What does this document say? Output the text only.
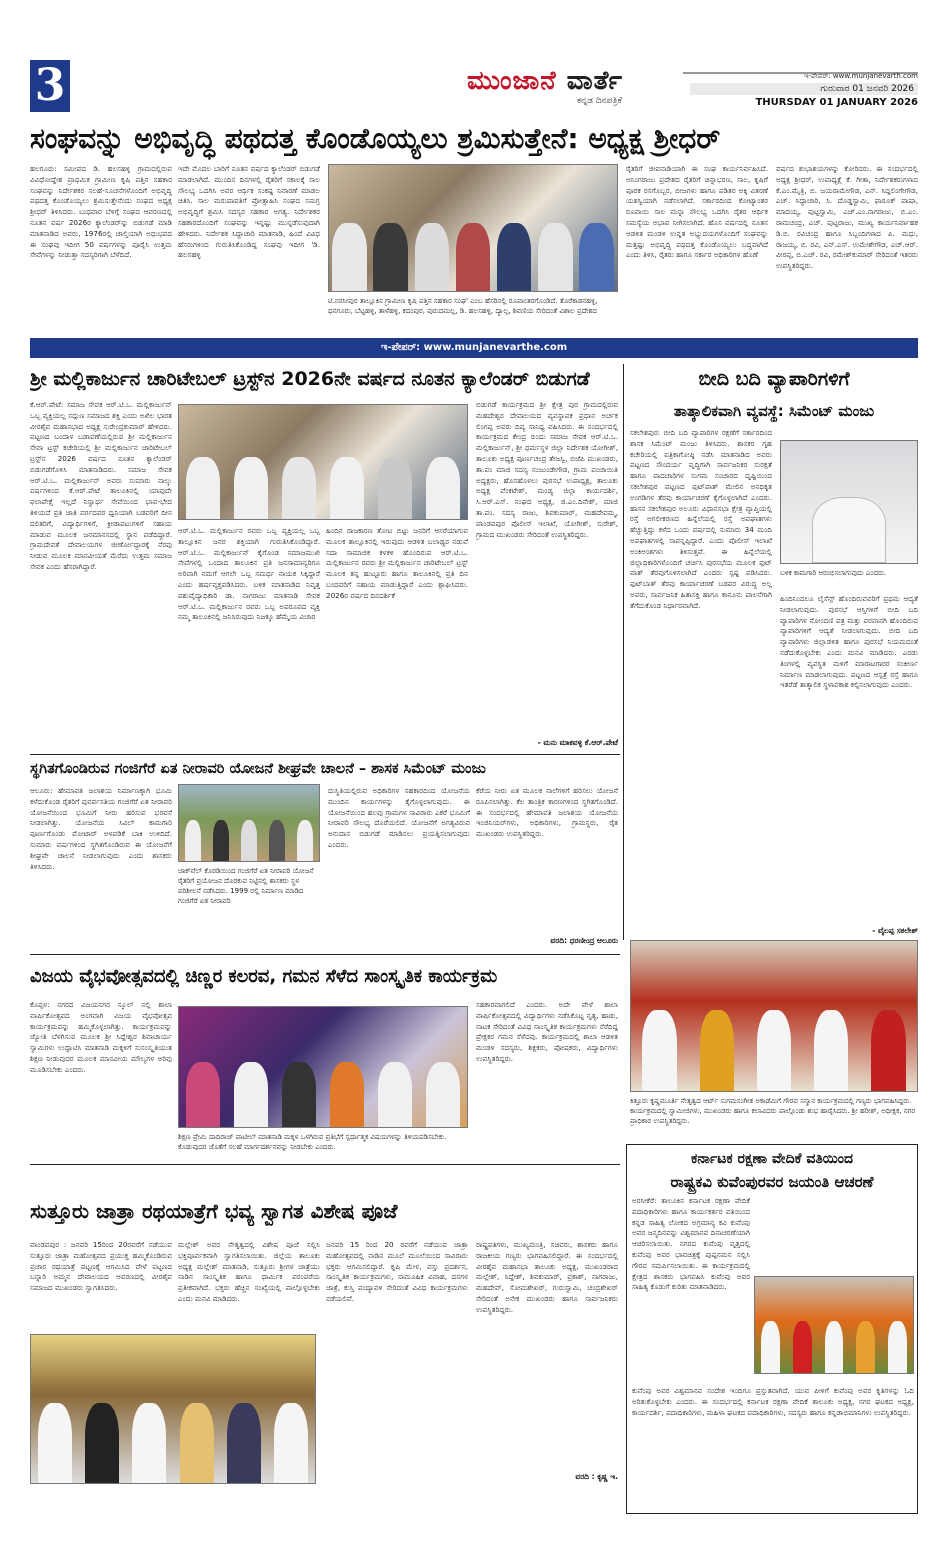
3	ಮುಂಜಾನೆ ವಾರ್ತೆ
ಕನ್ನಡ ದಿನಪತ್ರಿಕೆ
ಇ-ಪೇಪರ್: www.munjanevarth.com
ಗುರುವಾರ 01 ಜನವರಿ 2026
THURSDAY 01 JANUARY 2026
ಸಂಘವನ್ನು ಅಭಿವೃದ್ಧಿ ಪಥದತ್ತ ಕೊಂಡೊಯ್ಯಲು ಶ್ರಮಿಸುತ್ತೇನೆ: ಅಧ್ಯಕ್ಷ ಶ್ರೀಧರ್
ಹಲಗೂರು: ಸಮೀಪದ ಡಿ. ಹಲಸಹಳ್ಳಿ ಗ್ರಾಮದಲ್ಲಿರುವ ವಿವಿಧೋದ್ದೇಶ ಪ್ರಾಥಮಿಕ ಗ್ರಾಮೀಣ ಕೃಷಿ ಪತ್ತಿನ ಸಹಕಾರ ಸಂಘವನ್ನು ನಿರ್ದೇಶಕರ ಸಲಹೆ-ಸೂಚನೆಗಳೊಂದಿಗೆ ಅಭಿವೃದ್ಧಿ ಪಥದತ್ತ ಕೊಂಡೊಯ್ಯಲು ಶ್ರಮಿಸುತ್ತೇನೆಂದು ಸಂಘದ ಅಧ್ಯಕ್ಷ ಶ್ರೀಧರ್ ತಿಳಿಸಿದರು. ಬುಧವಾರ ಬೆಳಿಗ್ಗೆ ಸಂಘದ ಆವರಣದಲ್ಲಿ ನೂತನ ವರ್ಷ 2026ರ ಕ್ಯಾಲೆಂಡರ್‌ನ್ನು ಬಿಡುಗಡೆ ಮಾಡಿ ಮಾತನಾಡಿದ ಅವರು, 1976ರಲ್ಲಿ ಚಾಲ್ತಿಯಾಗಿ ಅಧುಭವದ ಈ ಸಂಘವು ಇದೀಗ 50 ವರ್ಷಗಳನ್ನು ಪೂರೈಸಿ ಉತ್ತಮ ಸೇವೆಗಳನ್ನು ನೀಡುತ್ತಾ ಸದಸ್ಯರಿಗಾಗಿ ಬೆಳೆದಿದೆ.
ಇದೇ ಮೊದಲ ಬಾರಿಗೆ ನೂತನ ವರ್ಷದ ಕ್ಯಾಲೆಂಡರ್ ಬಿಡುಗಡೆ ಮಾಡಲಾಗಿದೆ. ಮುಂದಿನ ದಿನಗಳಲ್ಲಿ ರೈತರಿಗೆ ಸಕಾಲಕ್ಕೆ ಸಾಲ ಸೌಲಭ್ಯ ಒದಗಿಸಿ ಅವರ ಆರ್ಥಿಕ ಸಂಕಷ್ಟ ನಿವಾರಣೆ ಮಾಡಲ ಚಿತಿಸಿ. ಸಾಲ ಮರುಪಾವತಿಗೆ ಪ್ರೋತ್ಸಾಹಿಸಿ ಸಂಘದ ಸಮಗ್ರ ಅಭಿವೃದ್ಧಿಗೆ ಶ್ರಮಿಸಿ ಸದಸ್ಯರ ಸಹಕಾರ ಅಗತ್ಯ. ನಿರ್ದೇಶಕರ ಸಹಕಾರದೊಂದಿಗೆ ಸಂಘವನ್ನು ಇನ್ನಷ್ಟು ಮುನ್ನಡೆಸುವುದಾಗಿ ಹೇಳಿದರು. ನಿರ್ದೇಶಕ ಸಿದ್ದಾಚಾರಿ ಮಾತನಾಡಿ, ಹಿಂದೆ ವಿವಿಧ ಹೆಸರುಗಳಿಂದ ಗುರುತಿಸಿಕೊಂಡಿದ್ದ ಸಂಘವು ಇದೀಗ 'ಡಿ. ಹಲಸಹಳ್ಳಿ
ಟಿ.ನರಸೀಪುರ ತಾಲ್ಲೂಕಿನ ಗ್ರಾಮೀಣ ಕೃಷಿ ಪತ್ತಿನ ಸಹಕಾರ ಸಂಘ' ಎಂಬ ಹೆಸರಿನಲ್ಲಿ ರೂಪಾಂತರಗೊಂಡಿದೆ. ತೊರೆಕಾಡನಹಳ್ಳಿ, ಧನಗೂರು, ಬೆಟ್ಟಹಳ್ಳಿ, ತಾಳೆಹಳ್ಳಿ, ಕದಂಪುರ, ಪುರುದಮಲ್ಲ, ಡಿ. ಹಲಸಹಳ್ಳಿ, ದ್ಯಾಲ್ಪ, ಶಿವಣಿಯ ಸೇರಿದಂತೆ ವಿಶಾಲ ಪ್ರದೇಶದ
ರೈತರಿಗೆ ಜೀವನಾಡಿಯಾಗಿ ಈ ಸಂಘ ಕಾರ್ಯನಿರ್ವಹಿಸಿದೆ. ಅನಿಂಗರಾಜು ಪ್ರದೇಶದ ರೈತರಿಗೆ ಚಿನ್ನಾಭರಣ, ಸಾಲ, ಕೃಷಿಗೆ ಪೂರಕ ರಸಗೊಬ್ಬರ, ಬೀಜಗಳು ಹಾಗೂ ಪಡಿತರ ಅಕ್ಕಿ ವಿತರಣೆ ಯಶಸ್ವಿಯಾಗಿ ನಡೆಸಲಾಗಿದೆ. ಸರ್ಕಾರದಿಂದ ಕೋಟ್ಯಾಂತರ ರೂಪಾಯಿ ಸಾಲ ಮನ್ನಾ ಸೌಲಭ್ಯ ಒದಗಿಸಿ ರೈತರ ಆರ್ಥಿಕ ಸಮಸ್ಯೆಯ ಅಭಾವ ನೀಗಿಸಲಾಗಿದೆ. ಹೊಸ ವರ್ಷದಲ್ಲಿ ನೂತನ ಆಡಳಿತ ಮಂಡಳಿ ಉನ್ನತ ಅಭ್ಯುದಯಗಳೊಂದಿಗೆ ಸಂಘವನ್ನು ಮತ್ತಷ್ಟು ಅಭಿವೃದ್ಧಿ ಪಥದತ್ತ ಕೊಂಡೊಯ್ಯಲು ಬದ್ಧವಾಗಿದೆ ಎಂದು ತಿಳಿಸಿ, ರೈತರು ಹಾಗೂ ಸರ್ಕಾರ ಅಧಿಕಾರಿಗಳ ಹೊಣೆ
ವರ್ಷದ ಶುಭಾಶಯಗಳನ್ನು ಕೋರಿದರು. ಈ ಸಂದರ್ಭದಲ್ಲಿ ಅಧ್ಯಕ್ಷ ಶ್ರೀಧರ್, ಉಪಾಧ್ಯಕ್ಷೆ ಕೆ. ಗೀತಾ, ನಿರ್ದೇಶಕರುಗಳಾದ ಕೆ.ಎಂ.ಮೈತ್ರಿ, ಬಿ. ಜಯರಾಮೇಗೌಡ, ಎನ್. ಸಿದ್ದಲಿಂಗೇಗೌಡ, ಎಚ್. ಸಿದ್ದಾಚಾರಿ, ಸಿ. ದೊಡ್ಡಸ್ವಾಮಿ, ಫಾರೂಕ್ ಪಾಷಾ, ಮಾದಯ್ಯ, ಪುಟ್ಟಸ್ವಾಮಿ, ಎಚ್.ಎಂ.ನಾಗರಾಜು, ಬಿ.ಎಂ. ರಾಮಚಂದ್ರ, ಎಚ್. ಪುಟ್ಟರಾಜು, ಮುಖ್ಯ ಕಾರ್ಯನಿರ್ವಾಹಕ ಡಿ.ಬಿ. ರವಿಚಂದ್ರ ಹಾಗೂ ಸಿಬ್ಬಂದಿಗಳಾದ ಪಿ. ಮಧು, ರಾಜಯ್ಯ, ಬಿ. ರವಿ, ಎನ್.ಎಸ್. ಉಮೇಶೇಗೌಡ, ಎಚ್.ಆರ್. ವೀರಪ್ಪ, ಬಿ.ಎಚ್. ರವಿ, ರಮೇಶ್‌ಕುಮಾರ್ ಸೇರಿದಂತೆ ಇತರರು ಉಪಸ್ಥಿತರಿದ್ದರು.
ಇ-ಪೇಪರ್: www.munjanevarthe.com
ಶ್ರೀ ಮಲ್ಲಿಕಾರ್ಜುನ ಚಾರಿಟೇಬಲ್ ಟ್ರಸ್ಟ್‌ನ 2026ನೇ ವರ್ಷದ ನೂತನ ಕ್ಯಾಲೆಂಡರ್ ಬಿಡುಗಡೆ
ಕೆ.ಆರ್.ಪೇಟೆ: ಸಮಾಜ ಸೇವಕ ಆರ್.ಟಿ.ಒ. ಮಲ್ಲಿಕಾರ್ಜುನ್ ಒಬ್ಬ ವ್ಯಕ್ತಿಯಲ್ಲ ಸದ್ಗುಣ ಸಮಾಜದ ಶಕ್ತಿ ಎಂದು ಅಖಿಲ ಭಾರತ ವೀರಶೈವ ಮಹಾಸಭಾದ ಅಧ್ಯಕ್ಷ ಸುರೇಂದ್ರಕುಮಾರ್ ಹೇಳಿದರು. ಪಟ್ಟಣದ ಬಂದಾಳ ಬಡಾವಣೆಯಲ್ಲಿರುವ ಶ್ರೀ ಮಲ್ಲಿಕಾರ್ಜುನ ಸೇವಾ ಟ್ರಸ್ಟ್ ಕಚೇರಿಯಲ್ಲಿ ಶ್ರೀ ಮಲ್ಲಿಕಾರ್ಜುನ ಚಾರಿಟೇಬಲ್ ಟ್ರಸ್ಟ್‌ನ 2026 ವರ್ಷದ ನೂತನ ಕ್ಯಾಲೆಂಡರ್ ಬಿಡುಗಡೆಗೊಳಿಸಿ ಮಾತನಾಡಿದರು. ಸಮಾಜ ಸೇವಕ ಆರ್.ಟಿ.ಒ. ಮಲ್ಲಿಕಾರ್ಜುನ್ ಅವರು ಸುಮಾರು ನಾಲ್ಕು ವರ್ಷಗಳಿಂದ ಕೆ.ಆರ್.ಪೇಟೆ ತಾಲೂಕಿನಲ್ಲಿ ಯಾವುದೇ ಫಲಾಪೇಕ್ಷೆ ಇಲ್ಲದೆ ನಿಸ್ವಾರ್ಥ ಸೇವೆಯಿಂದ ಭಾವ-ಭೇದ ತಿಳಿಯದೆ ಪ್ರತಿ ಜಾತಿ ವರ್ಗದವರ ಧ್ವನಿಯಾಗಿ ಬಡವರಿಗೆ ದೀನ ದಲಿತರಿಗೆ, ವಿದ್ಯಾರ್ಥಿಗಳಿಗೆ, ಕ್ರೀಡಾಪಟುಗಳಿಗೆ ಸಹಾಯ ಮಾಡುವ ಮೂಲಕ ಜನಮಾನಸದಲ್ಲಿ ಸ್ಥಾನ ಪಡೆದಿದ್ದಾರೆ. ಗ್ರಾಮದೇವತೆ ದೇವಾಲಯಗಳ ಜೀರ್ಣೋದ್ಧಾರಕ್ಕೆ ನೆರವು ನೀಡುವ ಮೂಲಕ ಮಾನವೀಯತೆ ಮೆರೆದು ಉತ್ತಮ ಸಮಾಜ ಸೇವಕ ಎಂದು ಹೆಸರಾಗಿದ್ದಾರೆ.
ಆರ್.ಟಿ.ಒ. ಮಲ್ಲಿಕಾರ್ಜುನ ರವರು ಒಬ್ಬ ವ್ಯಕ್ತಿಯಲ್ಲ ಒಬ್ಬ ತಾಲ್ಲೂಕಿನ ಜನರ ಶಕ್ತಿಯಾಗಿ ಗುರುತಿಸಿಕೊಂಡಿದ್ದಾರೆ. ಆರ್.ಟಿ.ಒ. ಮಲ್ಲಿಕಾರ್ಜುನ್ ಕೈಗೊಂಡ ಸಮಾಜಮುಖಿ ಸೇವೆಗಳಲ್ಲಿ ಒಂದಾದ ತಾಲೂಕಿನ ಪ್ರತಿ ಜನಸಾಮಾನ್ಯರಿಗೂ ಅರಿವಾಗಿ ನಮಗೆ ಆಗಲೇ ಒಬ್ಬ ಸಮರ್ಥ ನಾಯಕ ಸಿಕ್ಕಿದ್ದಾರೆ ಎಂದು ಹರ್ಷವ್ಯಕ್ತಪಡಿಸಿದರು. ಬಳಿಕ ಮಾತನಾಡಿದ ನಿವೃತ್ತ ಪಶುವೈದ್ಯಾಧಿಕಾರಿ ಡಾ. ನಾಗರಾಜು ಮಾತನಾಡಿ ಸೇವಕ ಆರ್.ಟಿ.ಒ. ಮಲ್ಲಿಕಾರ್ಜುನ ರವರು ಒಬ್ಬ ಅಪರೂಪದ ವ್ಯಕ್ತಿ ನಮ್ಮ ತಾಲೂಕಿನಲ್ಲಿ ಜನಿಸಿರುವುದು ನಿಜಕ್ಕೂ ಹೆಮ್ಮೆಯ ವಿಚಾರ
ಹಿಂದಿನ ರಾಜಕಾರಣ ತೋಟ ಬಿಟ್ಟು ಜನರಿಗೆ ಆಸರೆಯಾಗುವ ಮೂಲಕ ತಾಲ್ಲೂಕಿನಲ್ಲಿ ಇರುವುದು ಆಡಳಿತ ಬಲಾಢ್ಯರ ನಡುವೆ ಸದಾ ಸಾಮಾಜಿಕ ಕಳಕಳಿ ಹೊಂದಿರುವ ಆರ್.ಟಿ.ಒ. ಮಲ್ಲಿಕಾರ್ಜುನ ರವರು ಶ್ರೀ ಮಲ್ಲಿಕಾರ್ಜುನ ಚಾರಿಟೇಬಲ್ ಟ್ರಸ್ಟ್ ಮೂಲಕ ತನ್ನ ಹುಟ್ಟೂರು ಹಾಗೂ ತಾಲೂಕಿನಲ್ಲಿ ಪ್ರತಿ ದಿನ ಬಂದವರಿಗೆ ಸಹಾಯ ಮಾಡುತ್ತಿದ್ದಾರೆ ಎಂದು ಶ್ಲಾಘಿಸಿದರು. 2026ರ ವರ್ಷದ ದಿನದರ್ಶಿಕೆ
ಬಿಡುಗಡೆ ಕಾರ್ಯಕ್ರಮದ ಶ್ರೀ ಕ್ಷೇತ್ರ ಪುರ ಗ್ರಾಮದಲ್ಲಿರುವ ಮಹದೇಶ್ವರ ದೇವಾಲಯದ ವ್ಯವಸ್ಥಾಪಕ ಪ್ರಧಾನ ಅರ್ಚಕ ಲಿಂಗಪ್ಪ ಅವರು ದಿವ್ಯ ಸಾನಿಧ್ಯ ವಹಿಸಿದರು. ಈ ಸಂದರ್ಭದಲ್ಲಿ ಕಾರ್ಯಕ್ರಮದ ಕೇಂದ್ರ ಬಿಂದು ಸಮಾಜ ಸೇವಕ ಆರ್.ಟಿ.ಒ. ಮಲ್ಲಿಕಾರ್ಜುನ್, ಶ್ರೀ ಧರ್ಮಸ್ಥಳ ಜಿಲ್ಲಾ ನಿರ್ದೇಶಕ ಯೋಗೀಶ್, ತಾಲೂಕು ಅಧ್ಯಕ್ಷ ಪೂರ್ಣಚಂದ್ರ ತೇಜಸ್ವಿ, ಬಿಜೆಪಿ ಮುಖಂಡರು, ತಾ.ಪಂ ಮಾಜಿ ಸದಸ್ಯ ನಂಜುಂಡೇಗೌಡ, ಗ್ರಾಮ ಪಂಚಾಯಿತಿ ಅಧ್ಯಕ್ಷರು, ಹೊಸಹೊಳಲು ಪುರಸಭೆ ಉಪಾಧ್ಯಕ್ಷ, ತಾಲೂಕು ಅಧ್ಯಕ್ಷ ವೆಂಕಟೇಶ್, ಮಂಡ್ಯ ಜಿಲ್ಲಾ ಕಾರ್ಯದರ್ಶಿ, ಸಿ.ಆರ್.ಎಸ್. ಸಂಘದ ಅಧ್ಯಕ್ಷ, ಜಿ.ಎಂ.ದಿನೇಶ್, ಮಾಜಿ ತಾ.ಪಂ. ಸದಸ್ಯ ರಾಜು, ಶಿವಕುಮಾರ್, ಮಹದೇವಮ್ಮ, ಪಾಂಡವಪುರ ಪೊಲೀಸ್ ಇಲಾಖೆ, ಯೋಗೀಶ್, ಸುರೇಶ್, ಗ್ರಾಮದ ಮುಖಂಡರು ಸೇರಿದಂತೆ ಉಪಸ್ಥಿತರಿದ್ದರು.
- ಮನು ಮಾಕವಳ್ಳಿ ಕೆ.ಆರ್.ಪೇಟೆ
ಬೀದಿ ಬದಿ ವ್ಯಾಪಾರಿಗಳಿಗೆ
ತಾತ್ಕಾಲಿಕವಾಗಿ ವ್ಯವಸ್ಥೆ: ಸಿಮೆಂಟ್ ಮಂಜು
ಸಕಲೇಶಪುರ: ಬೀದಿ ಬದಿ ವ್ಯಾಪಾರಿಗಳ ರಕ್ಷಣೆಗೆ ಸರ್ಕಾರದಿಂದ ಶಾಸಕ ಸಿಮೆಂಟ್ ಮಂಜು ತಿಳಿಸಿದರು. ಶಾಸಕರ ಗೃಹ ಕಚೇರಿಯಲ್ಲಿ ಪತ್ರಿಕಾಗೋಷ್ಠಿ ನಡೆಸಿ ಮಾತನಾಡಿದ ಅವರು ಪಟ್ಟಣದ ಸೌಂದರ್ಯ ವೃದ್ಧಿಗಾಗಿ ಸಾರ್ವಜನಿಕರ ಸುರಕ್ಷತೆ ಹಾಗೂ ಪಾದಚಾರಿಗಳ ಸುಗಮ ಸಂಚಾರದ ದೃಷ್ಟಿಯಿಂದ ಸಕಲೇಶಪುರ ಪಟ್ಟಣದ ಪುಟ್‌ಪಾತ್ ಮೇಲಿನ ಅನಧಿಕೃತ ಅಂಗಡಿಗಳ ತೆರವು ಕಾರ್ಯಾಚರಣೆ ಕೈಗೊಳ್ಳಲಾಗಿದೆ ಎಂದರು. ಹಾಸನ ಸಕಲೇಶಪುರ ಅಲೂರು ವಿಧಾನಸಭಾ ಕ್ಷೇತ್ರ ವ್ಯಾಪ್ತಿಯಲ್ಲಿ ರಸ್ತೆ ಅಗಲೀಕರಣದ ಹಿನ್ನೆಲೆಯಲ್ಲಿ ರಸ್ತೆ ಅಪಘಾತಗಳು ಹೆಚ್ಚುತ್ತಿದ್ದು ಕಳೆದ ಒಂದು ವರ್ಷದಲ್ಲಿ ಸುಮಾರು 34 ಮಂದಿ ಅಪಘಾತಗಳಲ್ಲಿ ಸಾವನ್ನಪ್ಪಿದ್ದಾರೆ. ಎಂದು ಪೊಲೀಸ್ ಇಲಾಖೆ ಅಂಕಿಅಂಶಗಳು ತಿಳಿಸುತ್ತವೆ. ಈ ಹಿನ್ನೆಲೆಯಲ್ಲಿ ಜಿಲ್ಲಾಧಿಕಾರಿಗಳೊಂದಿಗೆ ಚರ್ಚಿಸಿ ಪುರಸಭೆಯ ಮೂಲಕ ಫುಟ್ ಪಾತ್ ತೆರವುಗೊಳಿಸಲಾಗಿದೆ ಎಂದರು ಸ್ಪಷ್ಟ ಪಡಿಸಿದರು. ಫುಟ್‌ಬಾತ್ ತೆರವು ಕಾರ್ಯಾಚರಣೆ ಬಡವರ ವಿರುದ್ಧ ಅಲ್ಲ ಅವರು, ಸಾರ್ವಜನಿಕ ಹಿತಾಸಕ್ತಿ ಹಾಗೂ ಕಾನೂನು ಪಾಲನೆಗಾಗಿ ತೆಗೆದುಕೊಂಡ ನಿರ್ಧಾರವಾಗಿದೆ.
ಬಳಿಕ ಕಾಮಗಾರಿ ಆರಂಭಿಸಲಾಗುವುದು ಎಂದರು.
ಹಿಂದಿನಿಂದಲೂ ಲೈಸೆನ್ಸ್ ಹೊಂದಿರುವವರಿಗೆ ಪ್ರಥಮ ಆದ್ಯತೆ ನೀಡಲಾಗುವುದು. ಪುರಸಭೆ ಆಸ್ತಿಗಳಿಗೆ ಬೀದಿ ಬದಿ ವ್ಯಾಪಾರಿಗಳ ನೋಂದಣಿ ಪತ್ರ ಮತ್ತು ಪರವಾನಗಿ ಹೊಂದಿರುವ ವ್ಯಾಪಾರಿಗಳಿಗೆ ಆದ್ಯತೆ ನೀಡಲಾಗುವುದು. ಬೀದಿ ಬದಿ ವ್ಯಾಪಾರಿಗಳು ಜಿಲ್ಲಾಡಳಿತ ಹಾಗೂ ಪುರಸಭೆ ನಿಯಮದಂತೆ ನಡೆದುಕೊಳ್ಳಬೇಕು ಎಂದು ಮನವಿ ಮಾಡಿದರು. ಎರಡು ತಿಂಗಳಲ್ಲಿ ವ್ಯವಸ್ಥಿತ ಮಳಿಗೆ ಮಾರಾಟಗಾರರ ಸಂಕೀರ್ಣ ನಿರ್ಮಾಣ ಮಾಡಲಾಗುವುದು. ಪಟ್ಟಣದ ಆಸ್ಪತ್ರೆ ರಸ್ತೆ ಹಾಗೂ ಇತರೆಡೆ ತಾತ್ಕಾಲಿಕ ಸ್ಥಳಾವಕಾಶ ಕಲ್ಪಿಸಲಾಗುವುದು ಎಂದರು.
- ವೈಲಪ್ಪ ಸಕಲೇಶ್
ಸ್ಥಗಿತಗೊಂಡಿರುವ ಗಂಜಿಗೆರೆ ಏತ ನೀರಾವರಿ ಯೋಜನೆ ಶೀಘ್ರವೇ ಚಾಲನೆ – ಶಾಸಕ ಸಿಮೆಂಟ್ ಮಂಜು
ಆಲೂರು: ಹೇಮಾವತಿ ಜಲಾಶಯ ನಿರ್ಮಾಣಕ್ಕಾಗಿ ಭೂಮಿ ಕಳೆದುಕೊಂಡ ರೈತರಿಗೆ ಪುನರ್ವಸತಿಯ ಗಂಜಿಗೆರೆ ಏತ ನೀರಾವರಿ ಯೋಜನೆಯಿಂದ ಭೂಮಿಗೆ ನೀರು ಹರಿಸುವ ಭರವಸೆ ನೀಡಲಾಗಿತ್ತು. ಯೋಜನೆಯ ಸಿವಿಲ್ ಕಾಮಗಾರಿ ಪೂರ್ಣಗೊಂಡು ಮೋಟಾರ್ ಅಳವಡಿಕೆ ಬಾಕಿ ಉಳಿದಿದೆ. ಸುಮಾರು ವರ್ಷಗಳಿಂದ ಸ್ಥಗಿತಗೊಂಡಿರುವ ಈ ಯೋಜನೆಗೆ ಶೀಘ್ರವೇ ಚಾಲನೆ ನೀಡಲಾಗುವುದು ಎಂದು ಶಾಸಕರು ತಿಳಿಸಿದರು.
ಜಾಕ್‌ವೆಲ್‌ ಕೊಠಡಿಯಿಂದ ಗಂಜಿಗೆರೆ ಏತ ನೀರಾವರಿ ಯೋಜನೆ ರೈತರಿಗೆ ಪ್ರಯೋಜನ ದೊರಕುವ ನಿಟ್ಟಿನಲ್ಲಿ ಶಾಸಕರು ಸ್ಥಳ ಪರಿಶೀಲನೆ ನಡೆಸಿದರು. 1999 ರಲ್ಲಿ ನಿರ್ಮಾಣ ಮಾಡಿದ ಗಂಜಿಗೆರೆ ಏತ ನೀರಾವರಿ
ದುಸ್ಥಿತಿಯಲ್ಲಿರುವ ಅಧಿಕಾರಿಗಳ ಸಹಕಾರದಿಂದ ಯೋಜನೆಯ ಮುಂದಿನ ಕಾರ್ಯಗಳನ್ನು ಕೈಗೊಳ್ಳಲಾಗುವುದು. ಈ ಯೋಜನೆಯಿಂದ ಹಲವು ಗ್ರಾಮಗಳ ಸಾವಿರಾರು ಎಕರೆ ಭೂಮಿಗೆ ನೀರಾವರಿ ಸೌಲಭ್ಯ ದೊರೆಯಲಿದೆ. ಯೋಜನೆಗೆ ಅಗತ್ಯವಿರುವ ಅನುದಾನ ಬಿಡುಗಡೆ ಮಾಡಿಸಲು ಪ್ರಯತ್ನಿಸಲಾಗುವುದು ಎಂದರು.
ಕೆರೆಯ ನೀರು ಏತ ಮೂಲಕ ನಾಲೆಗಳಿಗೆ ಹರಿಸಲು ಯೋಜನೆ ರೂಪಿಸಲಾಗಿತ್ತು. ಕೆಲ ತಾಂತ್ರಿಕ ಕಾರಣಗಳಿಂದ ಸ್ಥಗಿತಗೊಂಡಿದೆ. ಈ ಸಂದರ್ಭದಲ್ಲಿ ಹೇಮಾವತಿ ಜಲಾಶಯ ಯೋಜನೆಯ ಇಂಜಿನಿಯರ್‌ಗಳು, ಅಧಿಕಾರಿಗಳು, ಗ್ರಾಮಸ್ಥರು, ರೈತ ಮುಖಂಡರು ಉಪಸ್ಥಿತರಿದ್ದರು.
ವರದಿ: ಧರಣೀಂದ್ರ ಆಲೂರು
ವಿಜಯ ವೈಭವೋತ್ಸವದಲ್ಲಿ ಚಿಣ್ಣರ ಕಲರವ, ಗಮನ ಸೆಳೆದ ಸಾಂಸ್ಕೃತಿಕ ಕಾರ್ಯಕ್ರಮ
ಕೊಪ್ಪಳ: ನಗರದ ವಿಜಯನಗರ ಸ್ಕೂಲ್ ನಲ್ಲಿ ಶಾಲಾ ವಾರ್ಷಿಕೋತ್ಸವದ ಅಂಗವಾಗಿ ವಿಜಯ ವೈಭವೋತ್ಸವ ಕಾರ್ಯಕ್ರಮವನ್ನು ಹಮ್ಮಿಕೊಳ್ಳಲಾಗಿತ್ತು. ಕಾರ್ಯಕ್ರಮವನ್ನು ಜ್ಯೋತಿ ಬೆಳಗಿಸುವ ಮೂಲಕ ಶ್ರೀ ಸಿದ್ದೇಶ್ವರ ಶಿವಾಚಾರ್ಯ ಸ್ವಾಮಿಗಳು ಉದ್ಘಾಟಿಸಿ ಮಾತನಾಡಿ ಮಕ್ಕಳಿಗೆ ಸುಸಂಸ್ಕೃತಿಯುತ ಶಿಕ್ಷಣ ನೀಡುವುದರ ಮೂಲಕ ಮಾನವೀಯ ಮೌಲ್ಯಗಳ ಅರಿವು ಮೂಡಿಸಬೇಕು ಎಂದರು.
ಶಿಕ್ಷಣ ಪ್ರೇಮಿ ದಾದಿರಾಜ್ ಪಾಟೀಲ್ ಮಾತನಾಡಿ ಮಕ್ಕಳ ಒಳಗಿರುವ ಪ್ರತಿಭೆಗೆ ಸ್ಪರ್ಧಾತ್ಮಕ ವಿಷಯಗಳನ್ನು ತಿಳಿಯಪಡಿಸಬೇಕು. ಕೊಡುವುದರ ಜೊತೆಗೆ ಸಲಹೆ ಮಾರ್ಗದರ್ಶನವನ್ನು ನೀಡಬೇಕು ಎಂದರು.
ಸಹಕಾರವಾಗಲಿದೆ ಎಂದರು. ಅದೇ ವೇಳೆ ಶಾಲಾ ವಾರ್ಷಿಕೋತ್ಸವದಲ್ಲಿ ವಿದ್ಯಾರ್ಥಿಗಳು ನಡೆಸಿಕೊಟ್ಟ ನೃತ್ಯ, ಹಾಡು, ನಾಟಕ ಸೇರಿದಂತೆ ವಿವಿಧ ಸಾಂಸ್ಕೃತಿಕ ಕಾರ್ಯಕ್ರಮಗಳು ನೆರೆದಿದ್ದ ಪ್ರೇಕ್ಷಕರ ಗಮನ ಸೆಳೆದವು. ಕಾರ್ಯಕ್ರಮದಲ್ಲಿ ಶಾಲಾ ಆಡಳಿತ ಮಂಡಳಿ ಸದಸ್ಯರು, ಶಿಕ್ಷಕರು, ಪೋಷಕರು, ವಿದ್ಯಾರ್ಥಿಗಳು ಉಪಸ್ಥಿತರಿದ್ದರು.
ಕಿತ್ತೂರು ಕೃಷ್ಣಮೂರ್ತಿ ನೇತೃತ್ವದ ಆರ್ಟ್ ಸುಗಮಸಂಗೀತ ಅಕಾಡೆಮಿಗೆ ಗೌರವ ಸನ್ಮಾನ ಕಾರ್ಯಕ್ರಮದಲ್ಲಿ ಗಣ್ಯರು ಭಾಗವಹಿಸಿದ್ದರು. ಕಾರ್ಯಕ್ರಮದಲ್ಲಿ ಸ್ವಾಮೀಜಿಗಳು, ಮುಖಂಡರು ಹಾಗೂ ಕಲಾವಿದರು ಪಾಲ್ಗೊಂಡು ಶುಭ ಹಾರೈಸಿದರು. ಶ್ರೀ ಹರೀಶ್, ಅಧೀಕ್ಷಕ, ನಗರ ಪ್ರಾಧಿಕಾರ ಉಪಸ್ಥಿತರಿದ್ದರು.
ಕರ್ನಾಟಕ ರಕ್ಷಣಾ ವೇದಿಕೆ ವತಿಯಿಂದ
ರಾಷ್ಟ್ರಕವಿ ಕುವೆಂಪುರವರ ಜಯಂತಿ ಆಚರಣೆ
ಅರಸೀಕೆರೆ: ತಾಲೂಕಿನ ಕರ್ನಾಟಕ ರಕ್ಷಣಾ ವೇದಿಕೆ ಪದಾಧಿಕಾರಿಗಳು ಹಾಗೂ ಕಾರ್ಯಕರ್ತರ ವತಿಯಿಂದ ಕನ್ನಡ ಸಾಹಿತ್ಯ ಲೋಕದ ಅಗ್ರಮಾನ್ಯ ಕವಿ ಕುವೆಂಪು ಅವರ ಜನ್ಮದಿನವನ್ನು ವಿಶ್ವಮಾನವ ದಿನಾಚರಣೆಯಾಗಿ ಆಚರಿಸಲಾಯಿತು. ನಗರದ ಕುವೆಂಪು ವೃತ್ತದಲ್ಲಿ ಕುವೆಂಪು ಅವರ ಭಾವಚಿತ್ರಕ್ಕೆ ಪುಷ್ಪನಮನ ಸಲ್ಲಿಸಿ ಗೌರವ ಸಮರ್ಪಿಸಲಾಯಿತು. ಈ ಕಾರ್ಯಕ್ರಮದಲ್ಲಿ ಕ್ಷೇತ್ರದ ಶಾಸಕರು ಭಾಗವಹಿಸಿ ಕುವೆಂಪು ಅವರ ಸಾಹಿತ್ಯ ಕೊಡುಗೆ ಕುರಿತು ಮಾತನಾಡಿದರು.
ಕುವೆಂಪು ಅವರ ವಿಶ್ವಮಾನವ ಸಂದೇಶ ಇಂದಿಗೂ ಪ್ರಸ್ತುತವಾಗಿದೆ. ಯುವ ಪೀಳಿಗೆ ಕುವೆಂಪು ಅವರ ಕೃತಿಗಳನ್ನು ಓದಿ ಅರಿತುಕೊಳ್ಳಬೇಕು ಎಂದರು. ಈ ಸಂದರ್ಭದಲ್ಲಿ ಕರ್ನಾಟಕ ರಕ್ಷಣಾ ವೇದಿಕೆ ತಾಲೂಕು ಅಧ್ಯಕ್ಷ, ನಗರ ಘಟಕದ ಅಧ್ಯಕ್ಷ, ಕಾರ್ಯದರ್ಶಿ, ಪದಾಧಿಕಾರಿಗಳು, ಮಹಿಳಾ ಘಟಕದ ಪದಾಧಿಕಾರಿಗಳು, ಸದಸ್ಯರು ಹಾಗೂ ಕನ್ನಡಾಭಿಮಾನಿಗಳು ಉಪಸ್ಥಿತರಿದ್ದರು.
ಸುತ್ತೂರು ಜಾತ್ರಾ ರಥಯಾತ್ರೆಗೆ ಭವ್ಯ ಸ್ವಾಗತ ವಿಶೇಷ ಪೂಜೆ
ಪಾಂಡವಪುರ : ಜನವರಿ 15ರಿಂದ 20ರವರೆಗೆ ನಡೆಯುವ ಸುತ್ತೂರು ಜಾತ್ರಾ ಮಹೋತ್ಸವದ ಪ್ರಯುಕ್ತ ಹಮ್ಮಿಕೊಂಡಿರುವ ಪ್ರಚಾರ ರಥಯಾತ್ರೆ ಪಟ್ಟಣಕ್ಕೆ ಆಗಮಿಸಿದ ವೇಳೆ ಪಟ್ಟಣದ ಬನ್ನಾರಿ ಅಮ್ಮನ ದೇವಾಲಯದ ಆವರಣದಲ್ಲಿ ವೀರಶೈವ ಸಮಾಜದ ಮುಖಂಡರು ಸ್ವಾಗತಿಸಿದರು.
ಮಲ್ಲೇಶ್ ಅವರ ನೇತೃತ್ವದಲ್ಲಿ ವಿಶೇಷ ಪೂಜೆ ಸಲ್ಲಿಸಿ ಭಕ್ತಿಪೂರ್ವಕವಾಗಿ ಸ್ವಾಗತಿಸಲಾಯಿತು. ಜಿಲ್ಲೆಯ ತಾಲೂಕು ಅಧ್ಯಕ್ಷ ಮಲ್ಲೇಶ್ ಮಾತನಾಡಿ, ಸುತ್ತೂರು ಶ್ರೀಗಳ ಜಾತ್ರೆಯು ನಾಡಿನ ಸಾಂಸ್ಕೃತಿಕ ಹಾಗೂ ಧಾರ್ಮಿಕ ಪರಂಪರೆಯ ಪ್ರತೀಕವಾಗಿದೆ. ಭಕ್ತರು ಹೆಚ್ಚಿನ ಸಂಖ್ಯೆಯಲ್ಲಿ ಪಾಲ್ಗೊಳ್ಳಬೇಕು ಎಂದು ಮನವಿ ಮಾಡಿದರು.
ಜನವರಿ 15 ರಿಂದ 20 ರವರೆಗೆ ನಡೆಯುವ ಜಾತ್ರಾ ಮಹೋತ್ಸವದಲ್ಲಿ ನಾಡಿನ ಮೂಲೆ ಮೂಲೆಯಿಂದ ಸಾವಿರಾರು ಭಕ್ತರು ಆಗಮಿಸಲಿದ್ದಾರೆ. ಕೃಷಿ ಮೇಳ, ವಸ್ತು ಪ್ರದರ್ಶನ, ಸಾಂಸ್ಕೃತಿಕ ಕಾರ್ಯಕ್ರಮಗಳು, ಸಾಮೂಹಿಕ ವಿವಾಹ, ದನಗಳ ಜಾತ್ರೆ, ಕುಸ್ತಿ ಪಂದ್ಯಾವಳಿ ಸೇರಿದಂತೆ ವಿವಿಧ ಕಾರ್ಯಕ್ರಮಗಳು ನಡೆಯಲಿವೆ.
ರಾಷ್ಟ್ರಪತಿಗಳು, ಮುಖ್ಯಮಂತ್ರಿ, ಸಚಿವರು, ಶಾಸಕರು ಹಾಗೂ ರಾಜಕೀಯ ಗಣ್ಯರು ಭಾಗವಹಿಸಲಿದ್ದಾರೆ. ಈ ಸಂದರ್ಭದಲ್ಲಿ ವೀರಶೈವ ಮಹಾಸಭಾ ತಾಲೂಕು ಅಧ್ಯಕ್ಷ, ಮುಖಂಡರಾದ ಮಲ್ಲೇಶ್, ಸಿದ್ದೇಶ್, ಶಿವಕುಮಾರ್, ಪ್ರಕಾಶ್, ನಾಗರಾಜು, ಮಹದೇವ್, ಸೋಮಶೇಖರ್, ಗುರುಸ್ವಾಮಿ, ಚಂದ್ರಶೇಖರ್ ಸೇರಿದಂತೆ ಅನೇಕ ಮುಖಂಡರು ಹಾಗೂ ಸಾರ್ವಜನಿಕರು ಉಪಸ್ಥಿತರಿದ್ದರು.
ವರದಿ : ಕೃಷ್ಣ ಇ.
